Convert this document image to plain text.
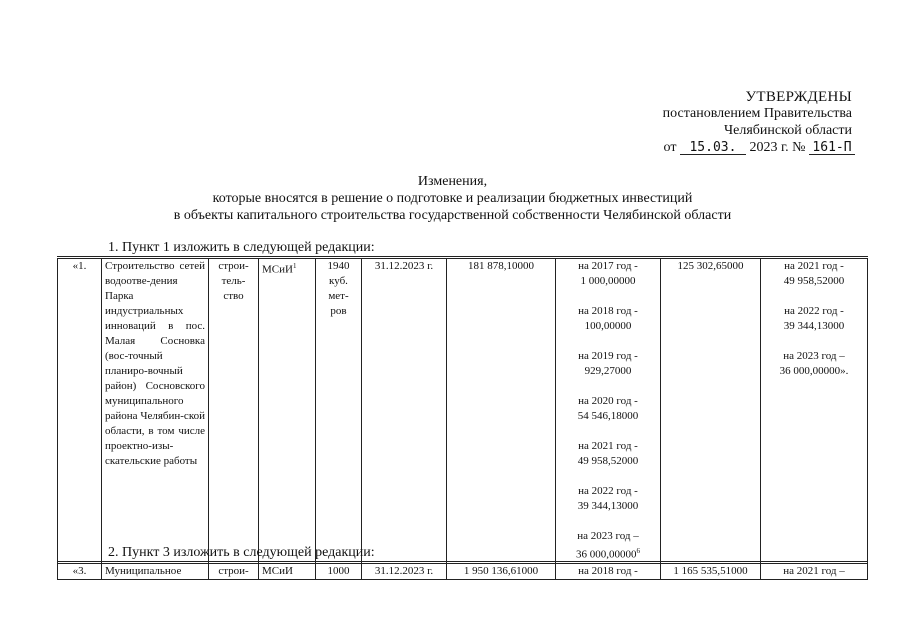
УТВЕРЖДЕНЫ
постановлением Правительства
Челябинской области
от 15.03. 2023 г. № 161-П
Изменения,
которые вносятся в решение о подготовке и реализации бюджетных инвестиций
в объекты капитального строительства государственной собственности Челябинской области
1. Пункт 1 изложить в следующей редакции:
«1.	Строительство сетей водоотве-дения Парка индустриальных инноваций в пос. Малая Сосновка (вос-точный планиро-вочный район) Сосновского муниципального района Челябин-ской области, в том числе проектно-изы-скательские работы	строи-
тель-
ство	МСиИ$^1$	1940
куб.
мет-
ров	31.12.2023 г.	181 878,10000	на 2017 год -
1 000,00000

на 2018 год -
100,00000

на 2019 год -
929,27000

на 2020 год -
54 546,18000

на 2021 год -
49 958,52000

на 2022 год -
39 344,13000

на 2023 год –
36 000,00000$^6$	125 302,65000	на 2021 год -
49 958,52000

на 2022 год -
39 344,13000

на 2023 год –
36 000,00000».
2. Пункт 3 изложить в следующей редакции:
«3.	Муниципальное	строи-	МСиИ	1000	31.12.2023 г.	1 950 136,61000	на 2018 год -	1 165 535,51000	на 2021 год –
